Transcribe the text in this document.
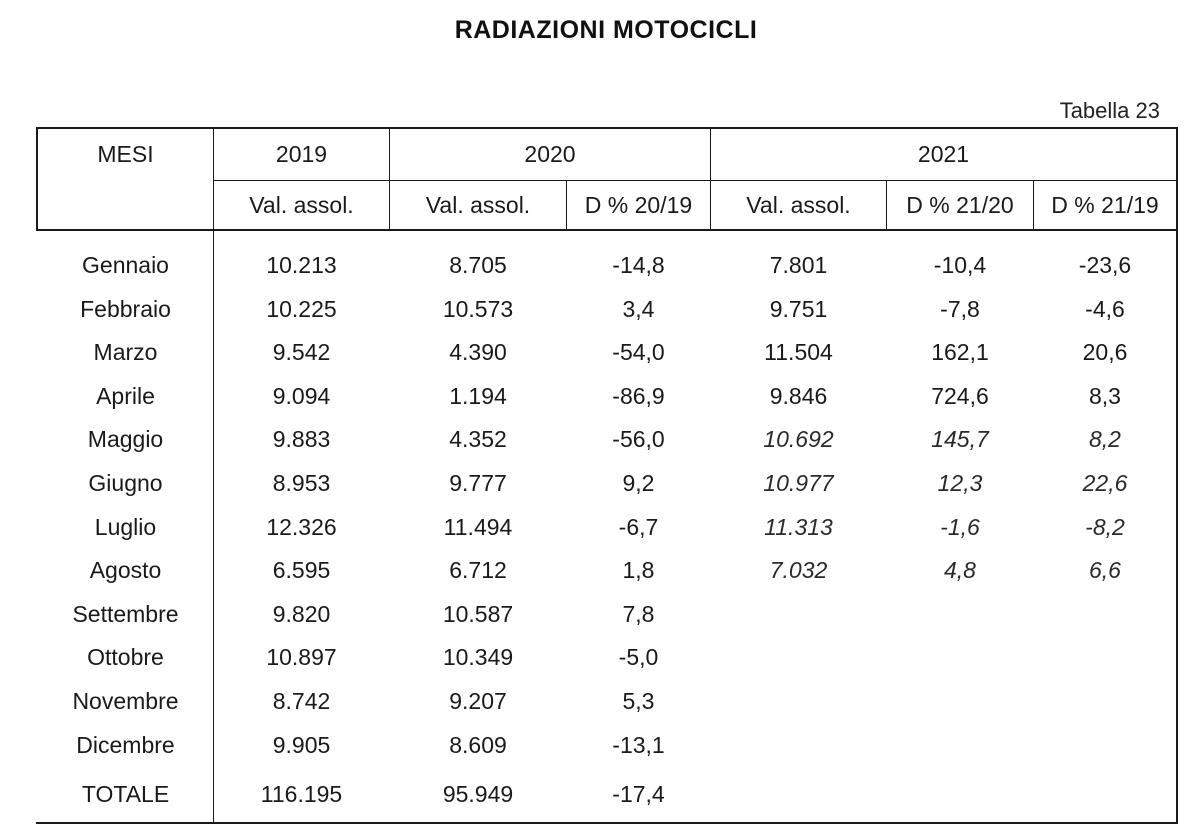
RADIAZIONI MOTOCICLI
Tabella 23
MESI	2019	2020	2021
Val. assol.	Val. assol.	D % 20/19	Val. assol.	D % 21/20	D % 21/19
Gennaio	10.213	8.705	-14,8	7.801	-10,4	-23,6
Febbraio	10.225	10.573	3,4	9.751	-7,8	-4,6
Marzo	9.542	4.390	-54,0	11.504	162,1	20,6
Aprile	9.094	1.194	-86,9	9.846	724,6	8,3
Maggio	9.883	4.352	-56,0	10.692	145,7	8,2
Giugno	8.953	9.777	9,2	10.977	12,3	22,6
Luglio	12.326	11.494	-6,7	11.313	-1,6	-8,2
Agosto	6.595	6.712	1,8	7.032	4,8	6,6
Settembre	9.820	10.587	7,8
Ottobre	10.897	10.349	-5,0
Novembre	8.742	9.207	5,3
Dicembre	9.905	8.609	-13,1
TOTALE	116.195	95.949	-17,4
